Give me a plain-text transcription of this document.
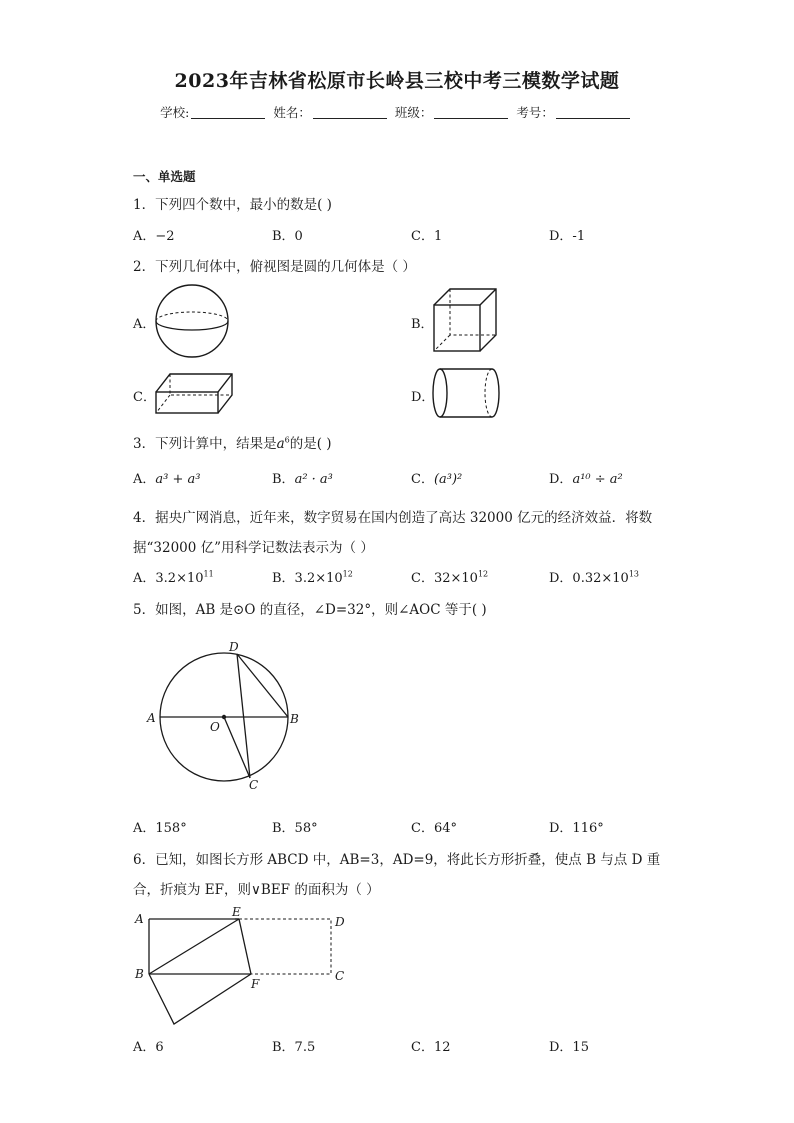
2023年吉林省松原市长岭县三校中考三模数学试题
学校:	姓名：	班级：	考号：
一、单选题
1．下列四个数中，最小的数是( )
A．−2	B．0	C．1	D．-1
2．下列几何体中，俯视图是圆的几何体是（ ）
A．	B．
C．	D．
3．下列计算中，结果是$a^6$的是( )
A．a³ + a³	B．a² · a³	C．(a³)²	D．a¹⁰ ÷ a²
4．据央广网消息，近年来，数字贸易在国内创造了高达 32000 亿元的经济效益．将数
据“32000 亿”用科学记数法表示为（ ）
A．$3.2\times 10^{11}$	B．$3.2\times 10^{12}$	C．$32\times 10^{12}$	D．$0.32\times 10^{13}$
5．如图，AB 是⊙O 的直径，∠D=32°，则∠AOC 等于( )
A	B
C
D
O
A．158°	B．58°	C．64°	D．116°
6．已知，如图长方形 ABCD 中，AB=3，AD=9，将此长方形折叠，使点 B 与点 D 重
合，折痕为 EF，则∨BEF 的面积为（ ）
A
B	C
D
E
F
A．6	B．7.5	C．12	D．15
